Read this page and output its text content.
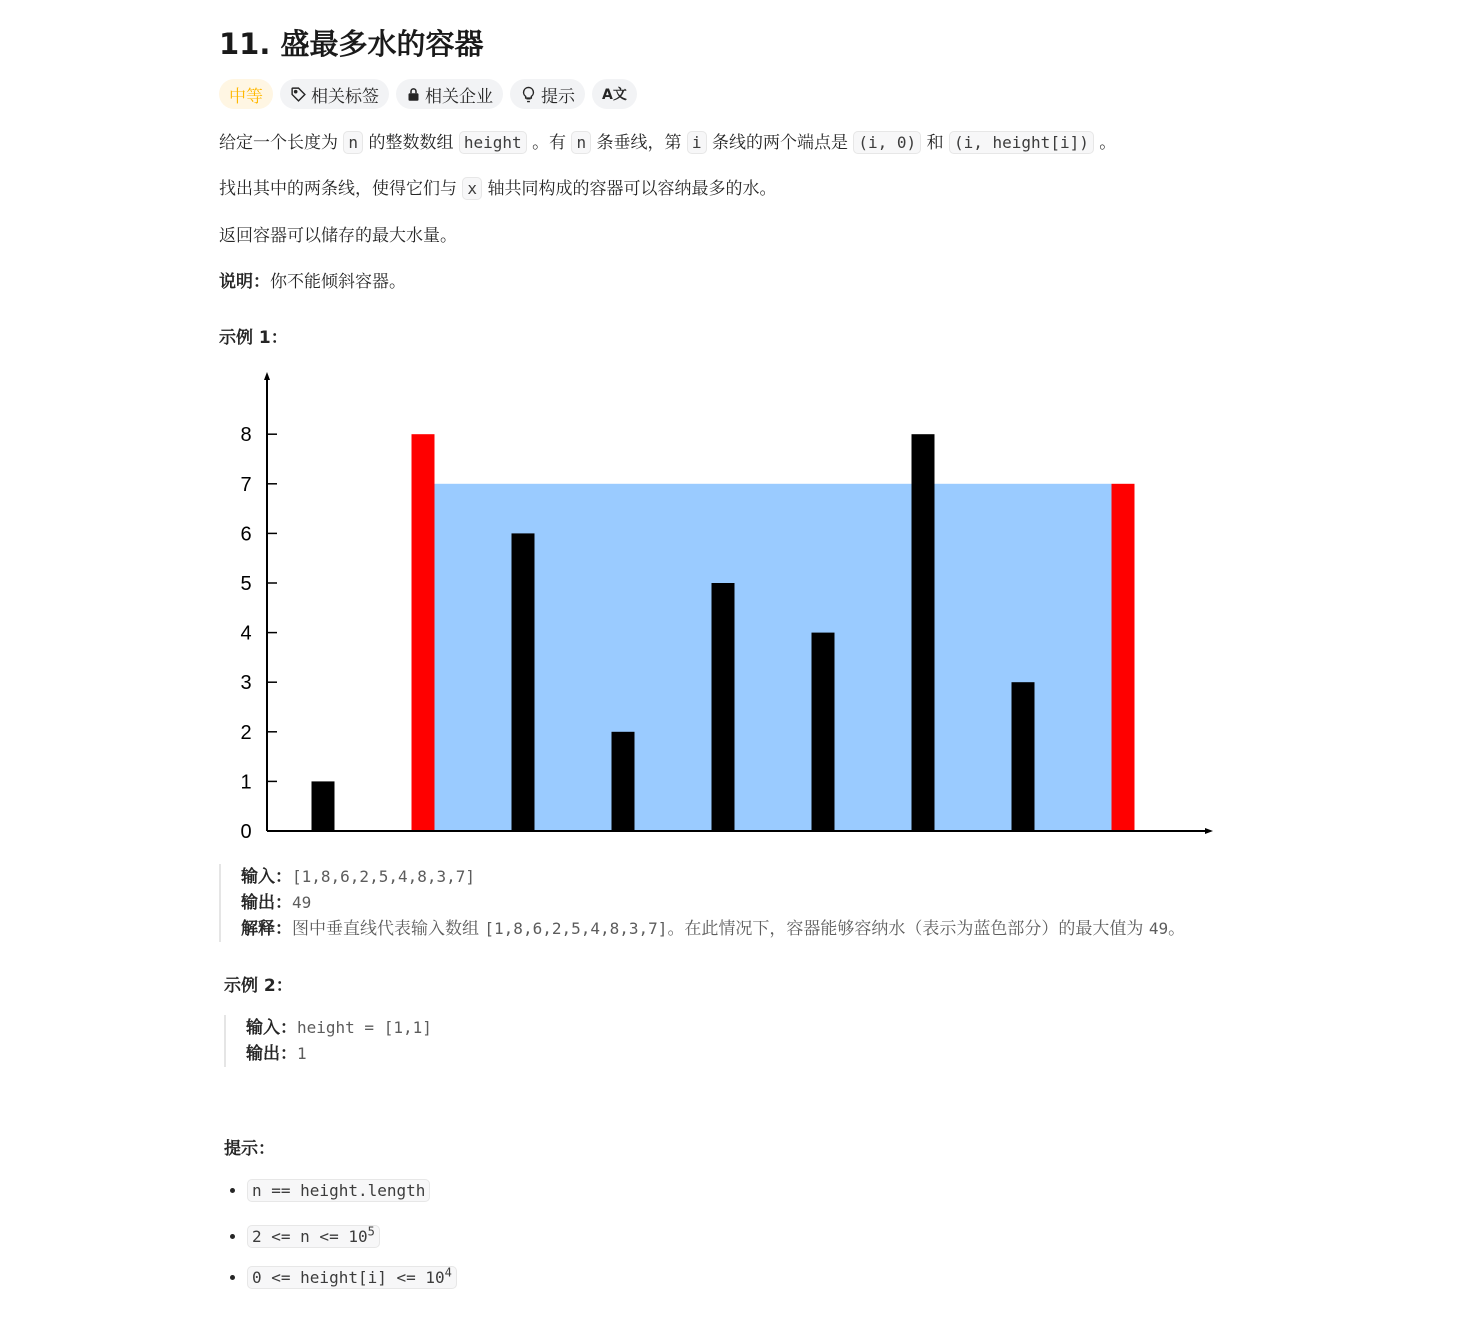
11. 盛最多水的容器
中等	相关标签	相关企业	提示 A文

给定一个长度为 n 的整数数组 height 。有 n 条垂线，第 i 条线的两个端点是 (i, 0) 和 (i, height[i]) 。

找出其中的两条线，使得它们与 x 轴共同构成的容器可以容纳最多的水。

返回容器可以储存的最大水量。

说明：你不能倾斜容器。

示例 1：
0
1
2
3
4
5
6
7
8
输入：[1,8,6,2,5,4,8,3,7]
输出：49
解释：图中垂直线代表输入数组 [1,8,6,2,5,4,8,3,7]。在此情况下，容器能够容纳水（表示为蓝色部分）的最大值为 49。
示例 2：
输入：height = [1,1]
输出：1
提示：
• n == height.length
• $2 <= n <= 10^5$
• 0 <= height[i] <= $10^4$
